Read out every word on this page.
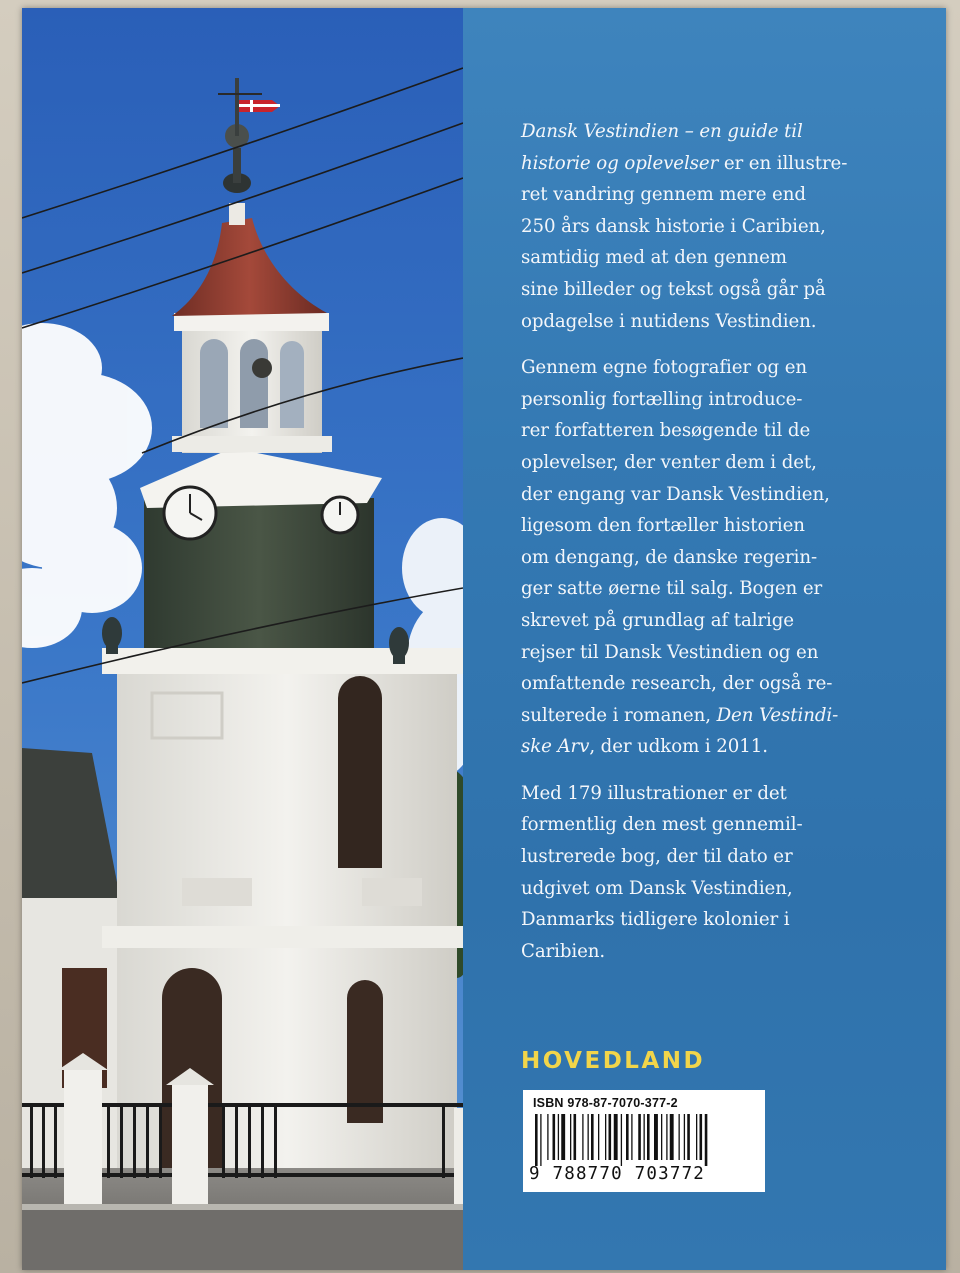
Dansk Vestindien – en guide til
historie og oplevelser er en illustre-
ret vandring gennem mere end
250 års dansk historie i Caribien,
samtidig med at den gennem
sine billeder og tekst også går på
opdagelse i nutidens Vestindien.

Gennem egne fotografier og en
personlig fortælling introduce-
rer forfatteren besøgende til de
oplevelser, der venter dem i det,
der engang var Dansk Vestindien,
ligesom den fortæller historien
om dengang, de danske regerin-
ger satte øerne til salg. Bogen er
skrevet på grundlag af talrige
rejser til Dansk Vestindien og en
omfattende research, der også re-
sulterede i romanen, Den Vestindi-
ske Arv, der udkom i 2011.

Med 179 illustrationer er det
formentlig den mest gennemil-
lustrerede bog, der til dato er
udgivet om Dansk Vestindien,
Danmarks tidligere kolonier i
Caribien.

HOVEDLAND
ISBN 978-87-7070-377-2
9 788770 703772
